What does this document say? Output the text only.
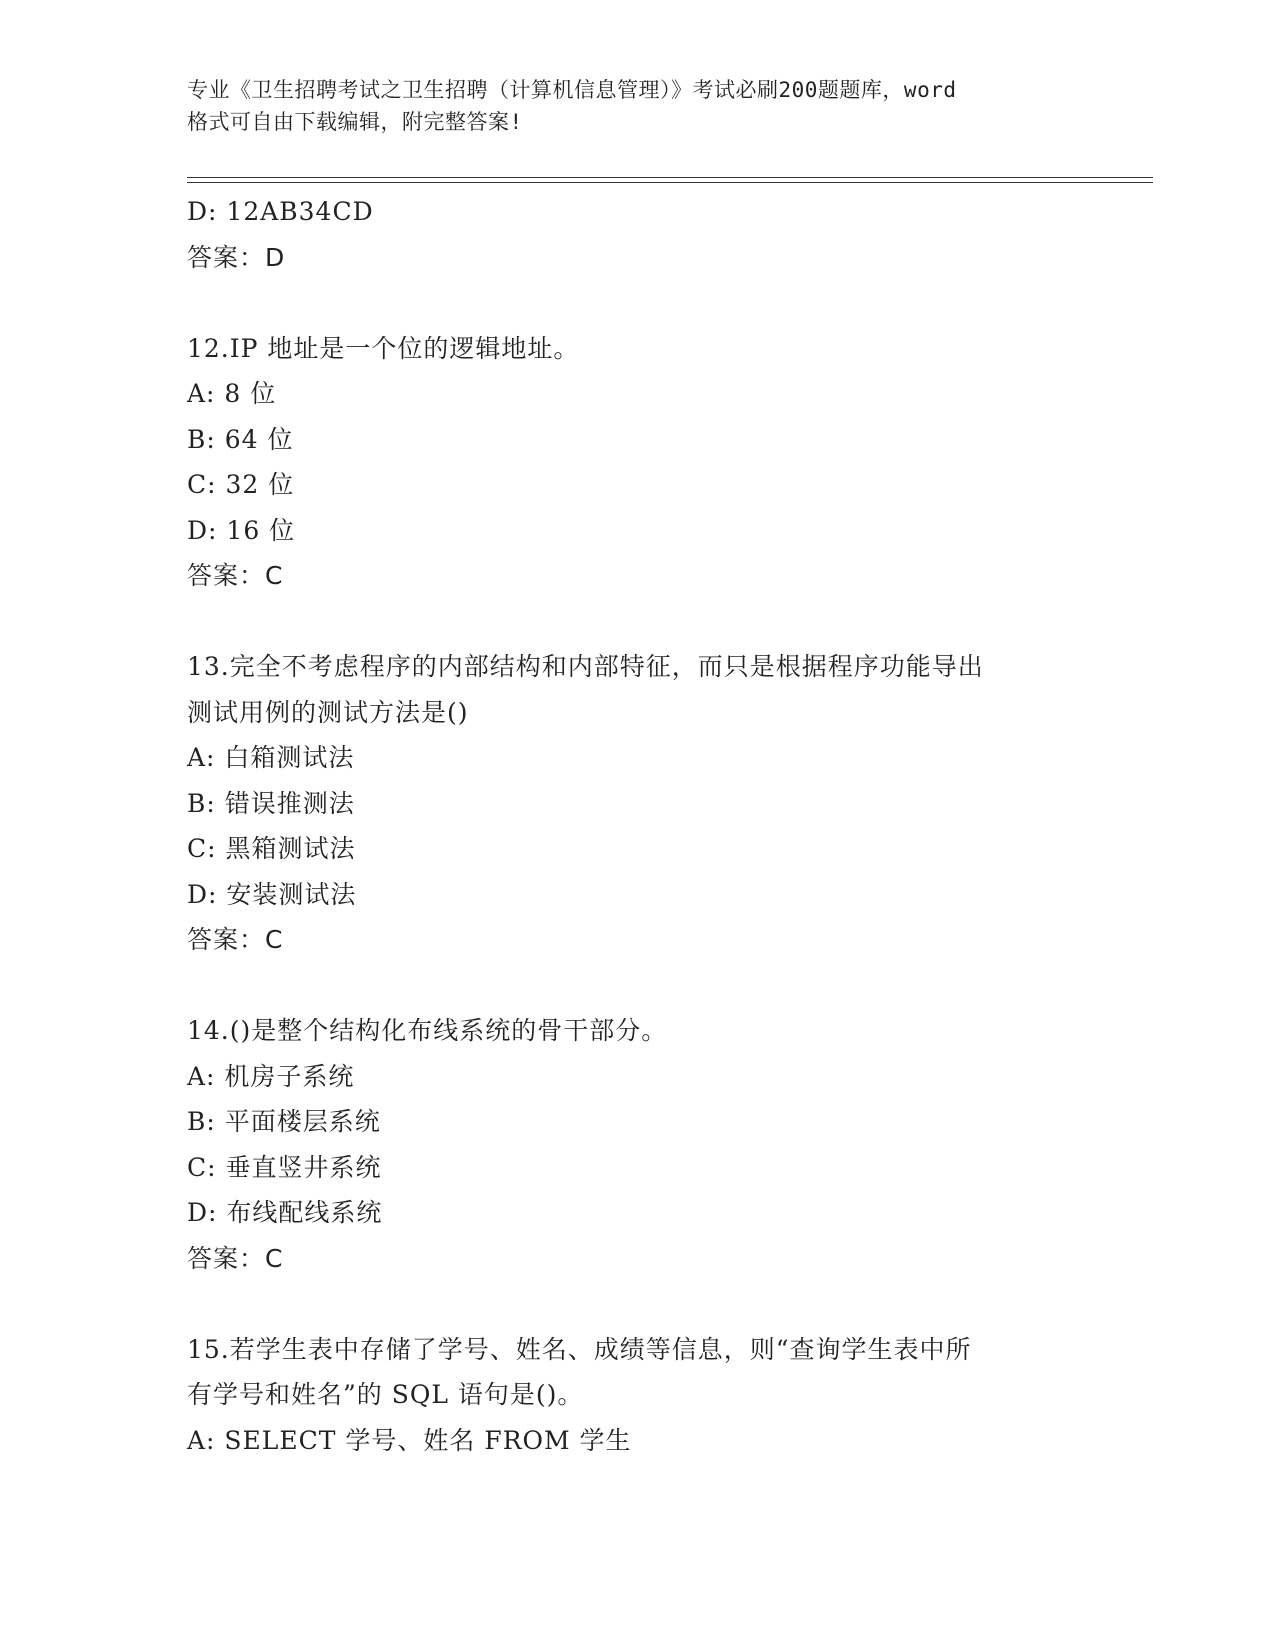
专业《卫生招聘考试之卫生招聘（计算机信息管理）》考试必刷200题题库，word
格式可自由下载编辑，附完整答案!
D: 12AB34CD
答案：D
12.IP 地址是一个位的逻辑地址。
A: 8 位
B: 64 位
C: 32 位
D: 16 位
答案：C
13.完全不考虑程序的内部结构和内部特征，而只是根据程序功能导出
测试用例的测试方法是()
A: 白箱测试法
B: 错误推测法
C: 黑箱测试法
D: 安装测试法
答案：C
14.()是整个结构化布线系统的骨干部分。
A: 机房子系统
B: 平面楼层系统
C: 垂直竖井系统
D: 布线配线系统
答案：C
15.若学生表中存储了学号、姓名、成绩等信息，则“查询学生表中所
有学号和姓名”的 SQL 语句是()。
A: SELECT 学号、姓名 FROM 学生
